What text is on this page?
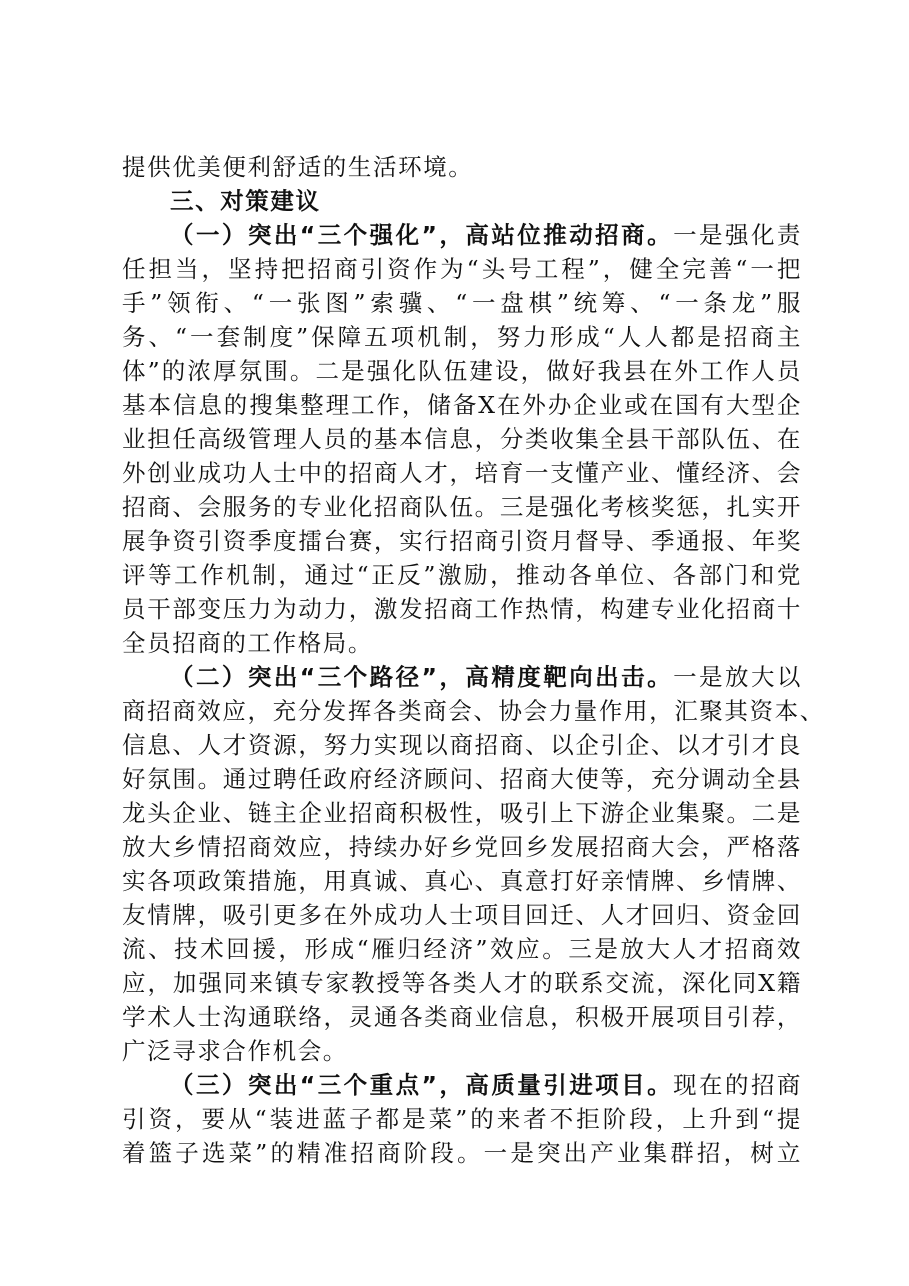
提供优美便利舒适的生活环境。
三、对策建议
（一）突出“三个强化”，高站位推动招商。一是强化责
任担当，坚持把招商引资作为“头号工程”，健全完善“一把
手”领衔、“一张图”索骥、“一盘棋”统筹、“一条龙”服
务、“一套制度”保障五项机制，努力形成“人人都是招商主
体”的浓厚氛围。二是强化队伍建设，做好我县在外工作人员
基本信息的搜集整理工作，储备X在外办企业或在国有大型企
业担任高级管理人员的基本信息，分类收集全县干部队伍、在
外创业成功人士中的招商人才，培育一支懂产业、懂经济、会
招商、会服务的专业化招商队伍。三是强化考核奖惩，扎实开
展争资引资季度擂台赛，实行招商引资月督导、季通报、年奖
评等工作机制，通过“正反”激励，推动各单位、各部门和党
员干部变压力为动力，激发招商工作热情，构建专业化招商十
全员招商的工作格局。
（二）突出“三个路径”，高精度靶向出击。一是放大以
商招商效应，充分发挥各类商会、协会力量作用，汇聚其资本、
信息、人才资源，努力实现以商招商、以企引企、以才引才良
好氛围。通过聘任政府经济顾问、招商大使等，充分调动全县
龙头企业、链主企业招商积极性，吸引上下游企业集聚。二是
放大乡情招商效应，持续办好乡党回乡发展招商大会，严格落
实各项政策措施，用真诚、真心、真意打好亲情牌、乡情牌、
友情牌，吸引更多在外成功人士项目回迁、人才回归、资金回
流、技术回援，形成“雁归经济”效应。三是放大人才招商效
应，加强同来镇专家教授等各类人才的联系交流，深化同X籍
学术人士沟通联络，灵通各类商业信息，积极开展项目引荐，
广泛寻求合作机会。
（三）突出“三个重点”，高质量引进项目。现在的招商
引资，要从“装进蓝子都是菜”的来者不拒阶段，上升到“提
着篮子选菜”的精准招商阶段。一是突出产业集群招，树立
